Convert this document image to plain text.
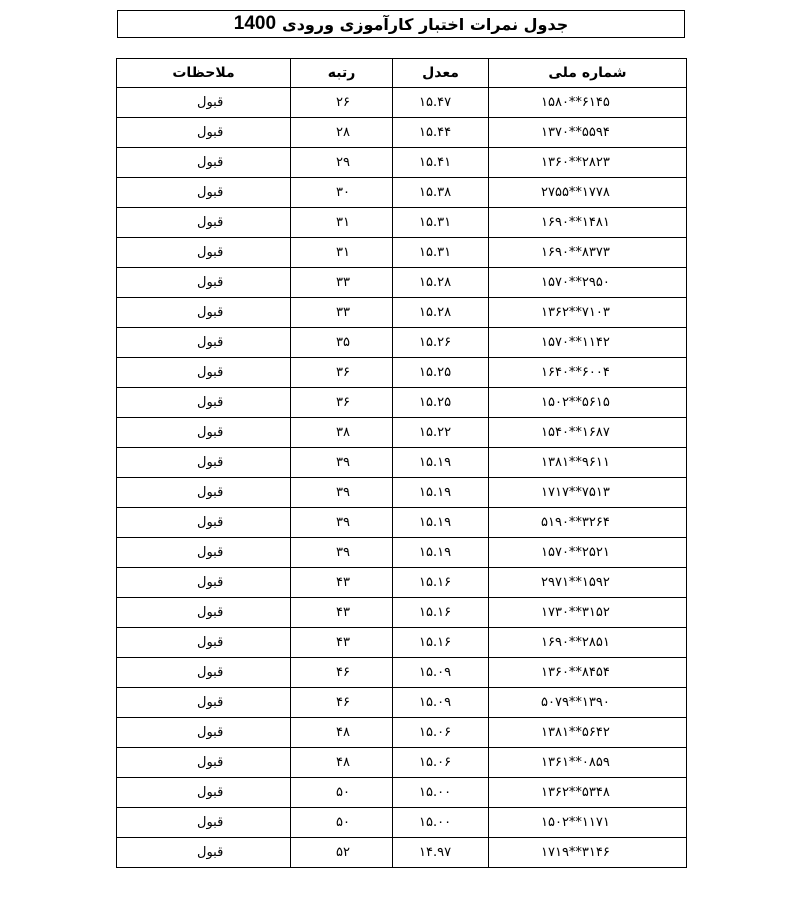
جدول نمرات اختبار کارآموزی ورودی
1400
شماره ملی	معدل	رتبه	ملاحظات
۱۵۸۰**۶۱۴۵	۱۵.۴۷	۲۶	قبول
۱۳۷۰**۵۵۹۴	۱۵.۴۴	۲۸	قبول
۱۳۶۰**۲۸۲۳	۱۵.۴۱	۲۹	قبول
۲۷۵۵**۱۷۷۸	۱۵.۳۸	۳۰	قبول
۱۶۹۰**۱۴۸۱	۱۵.۳۱	۳۱	قبول
۱۶۹۰**۸۳۷۳	۱۵.۳۱	۳۱	قبول
۱۵۷۰**۲۹۵۰	۱۵.۲۸	۳۳	قبول
۱۳۶۲**۷۱۰۳	۱۵.۲۸	۳۳	قبول
۱۵۷۰**۱۱۴۲	۱۵.۲۶	۳۵	قبول
۱۶۴۰**۶۰۰۴	۱۵.۲۵	۳۶	قبول
۱۵۰۲**۵۶۱۵	۱۵.۲۵	۳۶	قبول
۱۵۴۰**۱۶۸۷	۱۵.۲۲	۳۸	قبول
۱۳۸۱**۹۶۱۱	۱۵.۱۹	۳۹	قبول
۱۷۱۷**۷۵۱۳	۱۵.۱۹	۳۹	قبول
۵۱۹۰**۳۲۶۴	۱۵.۱۹	۳۹	قبول
۱۵۷۰**۲۵۲۱	۱۵.۱۹	۳۹	قبول
۲۹۷۱**۱۵۹۲	۱۵.۱۶	۴۳	قبول
۱۷۳۰**۳۱۵۲	۱۵.۱۶	۴۳	قبول
۱۶۹۰**۲۸۵۱	۱۵.۱۶	۴۳	قبول
۱۳۶۰**۸۴۵۴	۱۵.۰۹	۴۶	قبول
۵۰۷۹**۱۳۹۰	۱۵.۰۹	۴۶	قبول
۱۳۸۱**۵۶۴۲	۱۵.۰۶	۴۸	قبول
۱۳۶۱**۰۸۵۹	۱۵.۰۶	۴۸	قبول
۱۳۶۲**۵۳۴۸	۱۵.۰۰	۵۰	قبول
۱۵۰۲**۱۱۷۱	۱۵.۰۰	۵۰	قبول
۱۷۱۹**۳۱۴۶	۱۴.۹۷	۵۲	قبول
